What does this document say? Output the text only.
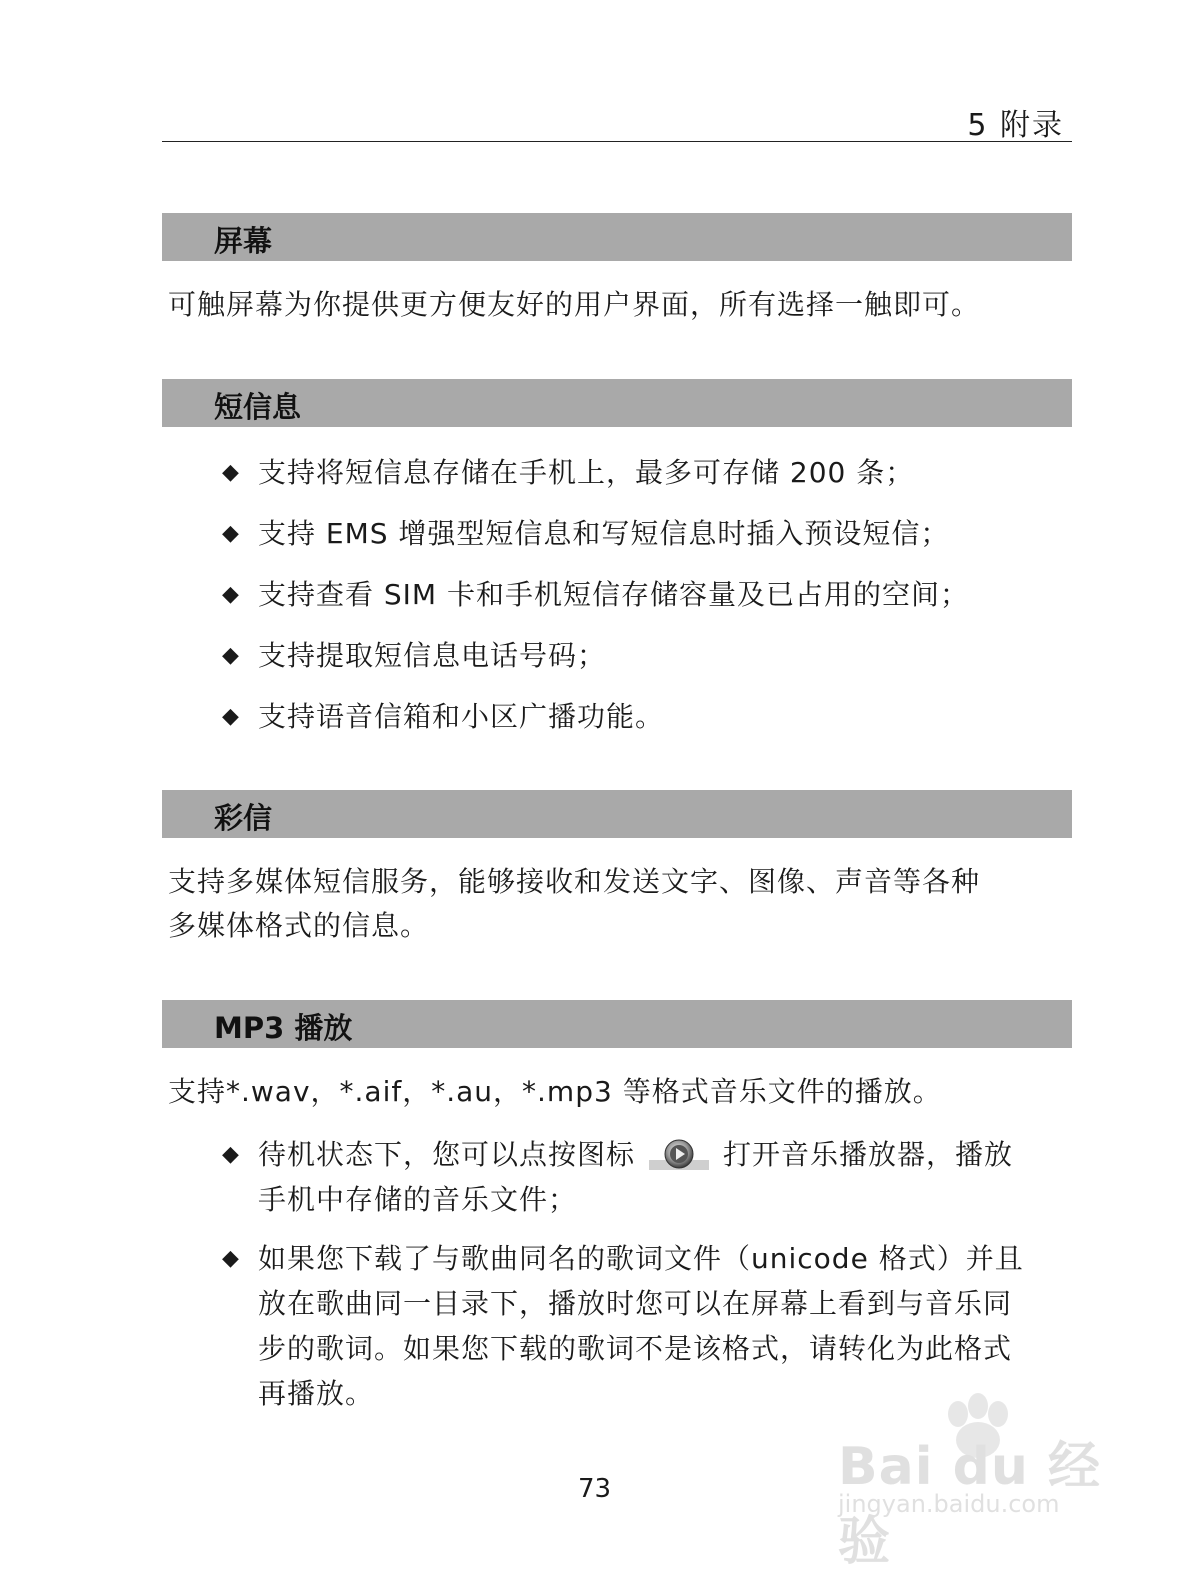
5 附录
屏幕
可触屏幕为你提供更方便友好的用户界面，所有选择一触即可。
短信息
◆ 支持将短信息存储在手机上，最多可存储 200 条；
◆ 支持 EMS 增强型短信息和写短信息时插入预设短信；
◆ 支持查看 SIM 卡和手机短信存储容量及已占用的空间；
◆ 支持提取短信息电话号码；
◆ 支持语音信箱和小区广播功能。
彩信
支持多媒体短信服务，能够接收和发送文字、图像、声音等各种
多媒体格式的信息。
MP3 播放
支持*.wav，*.aif，*.au，*.mp3 等格式音乐文件的播放。
◆ 待机状态下，您可以点按图标	打开音乐播放器，播放
手机中存储的音乐文件；
◆ 如果您下载了与歌曲同名的歌词文件（unicode 格式）并且
放在歌曲同一目录下，播放时您可以在屏幕上看到与音乐同
步的歌词。如果您下载的歌词不是该格式，请转化为此格式
再播放。
73	Bai du 经验
jingyan.baidu.com
